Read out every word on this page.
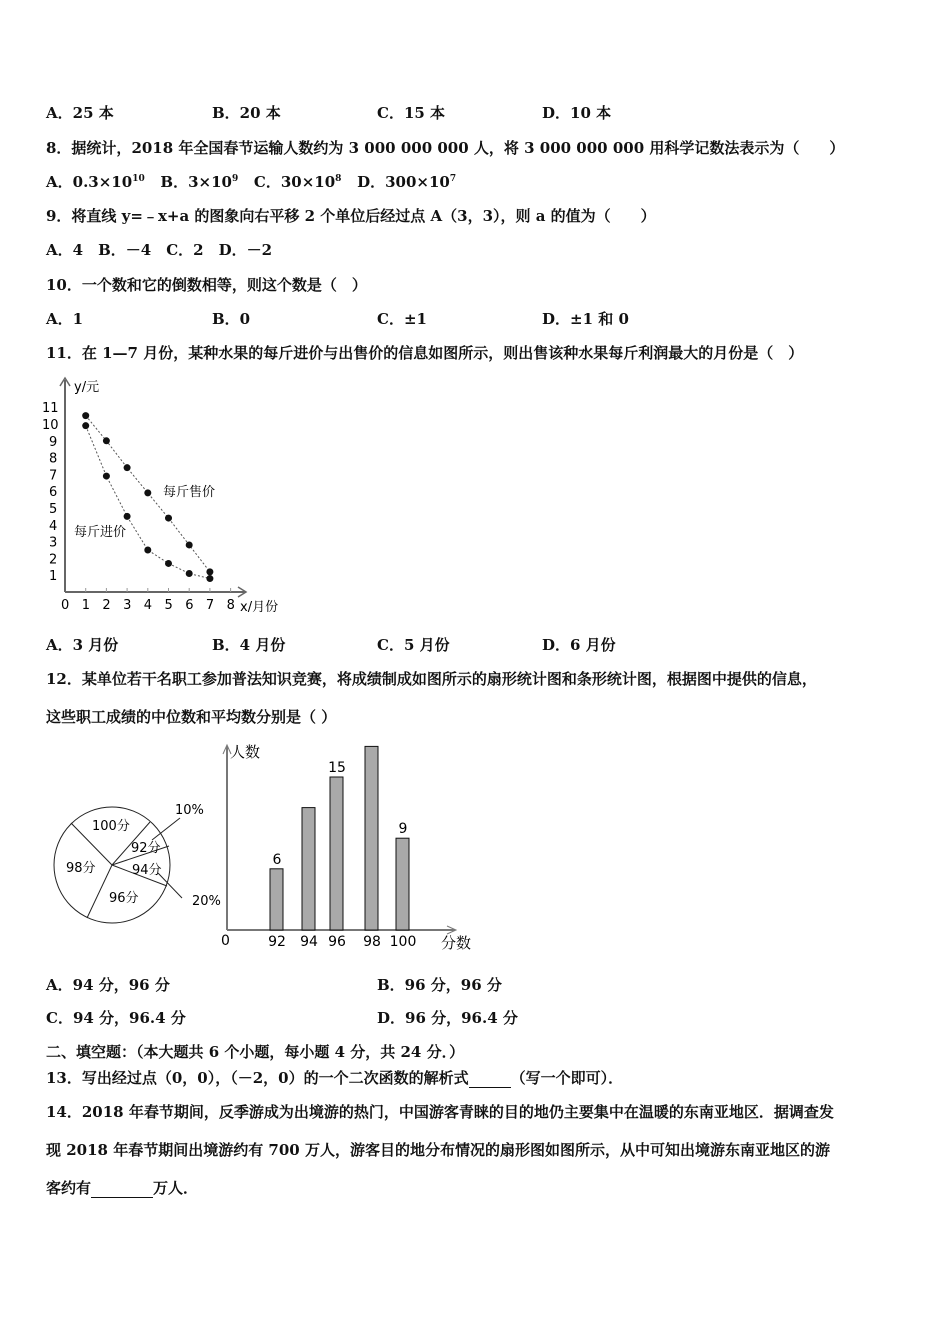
A．25 本	B．20 本	C．15 本	D．10 本
8．据统计，2018 年全国春节运输人数约为 3 000 000 000 人，将 3 000 000 000 用科学记数法表示为（　　）
A．$0.3\times 10^{10}$ B．$3\times 10^9$ C．$30\times 10^8$ D．$300\times 10^7$
9．将直线 y=﹣x+a 的图象向右平移 2 个单位后经过点 A（3，3），则 a 的值为（　　）
A．4　B．－4　C．2　D．－2
10．一个数和它的倒数相等，则这个数是（　）
A．1	B．0	C．±1	D．±1 和 0
11．在 1—7 月份，某种水果的每斤进价与出售价的信息如图所示，则出售该种水果每斤利润最大的月份是（　）
0 1 2 3 4 5 6 7 8
1
2
3
4
5
6
7
8
9
10
11
y/元
x/月份
每斤售价
每斤进价
A．3 月份	B．4 月份	C．5 月份	D．6 月份
12．某单位若干名职工参加普法知识竞赛，将成绩制成如图所示的扇形统计图和条形统计图，根据图中提供的信息，
这些职工成绩的中位数和平均数分别是（ ）
100分
92分
94分
96分
98分
10%
20%
人数
分数
0	92
6
94 96
15
98 100
9
A．94 分，96 分	B．96 分，96 分
C．94 分，96.4 分	D．96 分，96.4 分
二、填空题：（本大题共 6 个小题，每小题 4 分，共 24 分．）
13．写出经过点（0，0），（－2，0）的一个二次函数的解析式	（写一个即可）．
14．2018 年春节期间，反季游成为出境游的热门，中国游客青睐的目的地仍主要集中在温暖的东南亚地区．据调查发
现 2018 年春节期间出境游约有 700 万人，游客目的地分布情况的扇形图如图所示，从中可知出境游东南亚地区的游
客约有	万人．
